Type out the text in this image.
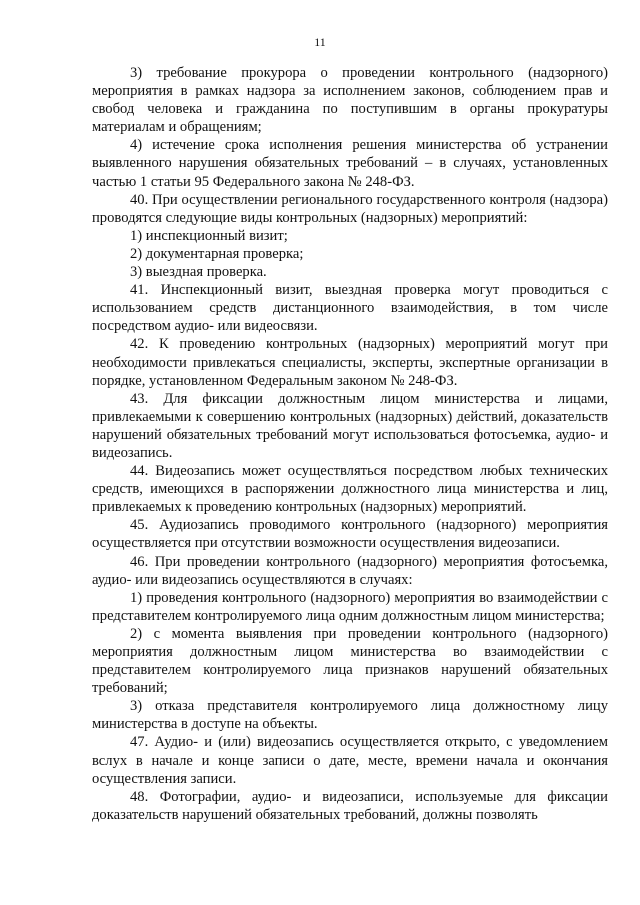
11

3) требование прокурора о проведении контрольного (надзорного) мероприятия в рамках надзора за исполнением законов, соблюдением прав и свобод человека и гражданина по поступившим в органы прокуратуры материалам и обращениям;

4) истечение срока исполнения решения министерства об устранении выявленного нарушения обязательных требований – в случаях, установленных частью 1 статьи 95 Федерального закона № 248-ФЗ.

40. При осуществлении регионального государственного контроля (надзора) проводятся следующие виды контрольных (надзорных) мероприятий:

1) инспекционный визит;

2) документарная проверка;

3) выездная проверка.

41. Инспекционный визит, выездная проверка могут проводиться с использованием средств дистанционного взаимодействия, в том числе посредством аудио- или видеосвязи.

42. К проведению контрольных (надзорных) мероприятий могут при необходимости привлекаться специалисты, эксперты, экспертные организации в порядке, установленном Федеральным законом № 248-ФЗ.

43. Для фиксации должностным лицом министерства и лицами, привлекаемыми к совершению контрольных (надзорных) действий, доказательств нарушений обязательных требований могут использоваться фотосъемка, аудио- и видеозапись.

44. Видеозапись может осуществляться посредством любых технических средств, имеющихся в распоряжении должностного лица министерства и лиц, привлекаемых к проведению контрольных (надзорных) мероприятий.

45. Аудиозапись проводимого контрольного (надзорного) мероприятия осуществляется при отсутствии возможности осуществления видеозаписи.

46. При проведении контрольного (надзорного) мероприятия фотосъемка, аудио- или видеозапись осуществляются в случаях:

1) проведения контрольного (надзорного) мероприятия во взаимодействии с представителем контролируемого лица одним должностным лицом министерства;

2) с момента выявления при проведении контрольного (надзорного) мероприятия должностным лицом министерства во взаимодействии с представителем контролируемого лица признаков нарушений обязательных требований;

3) отказа представителя контролируемого лица должностному лицу министерства в доступе на объекты.

47. Аудио- и (или) видеозапись осуществляется открыто, с уведомлением вслух в начале и конце записи о дате, месте, времени начала и окончания осуществления записи.

48. Фотографии, аудио- и видеозаписи, используемые для фиксации доказательств нарушений обязательных требований, должны позволять
